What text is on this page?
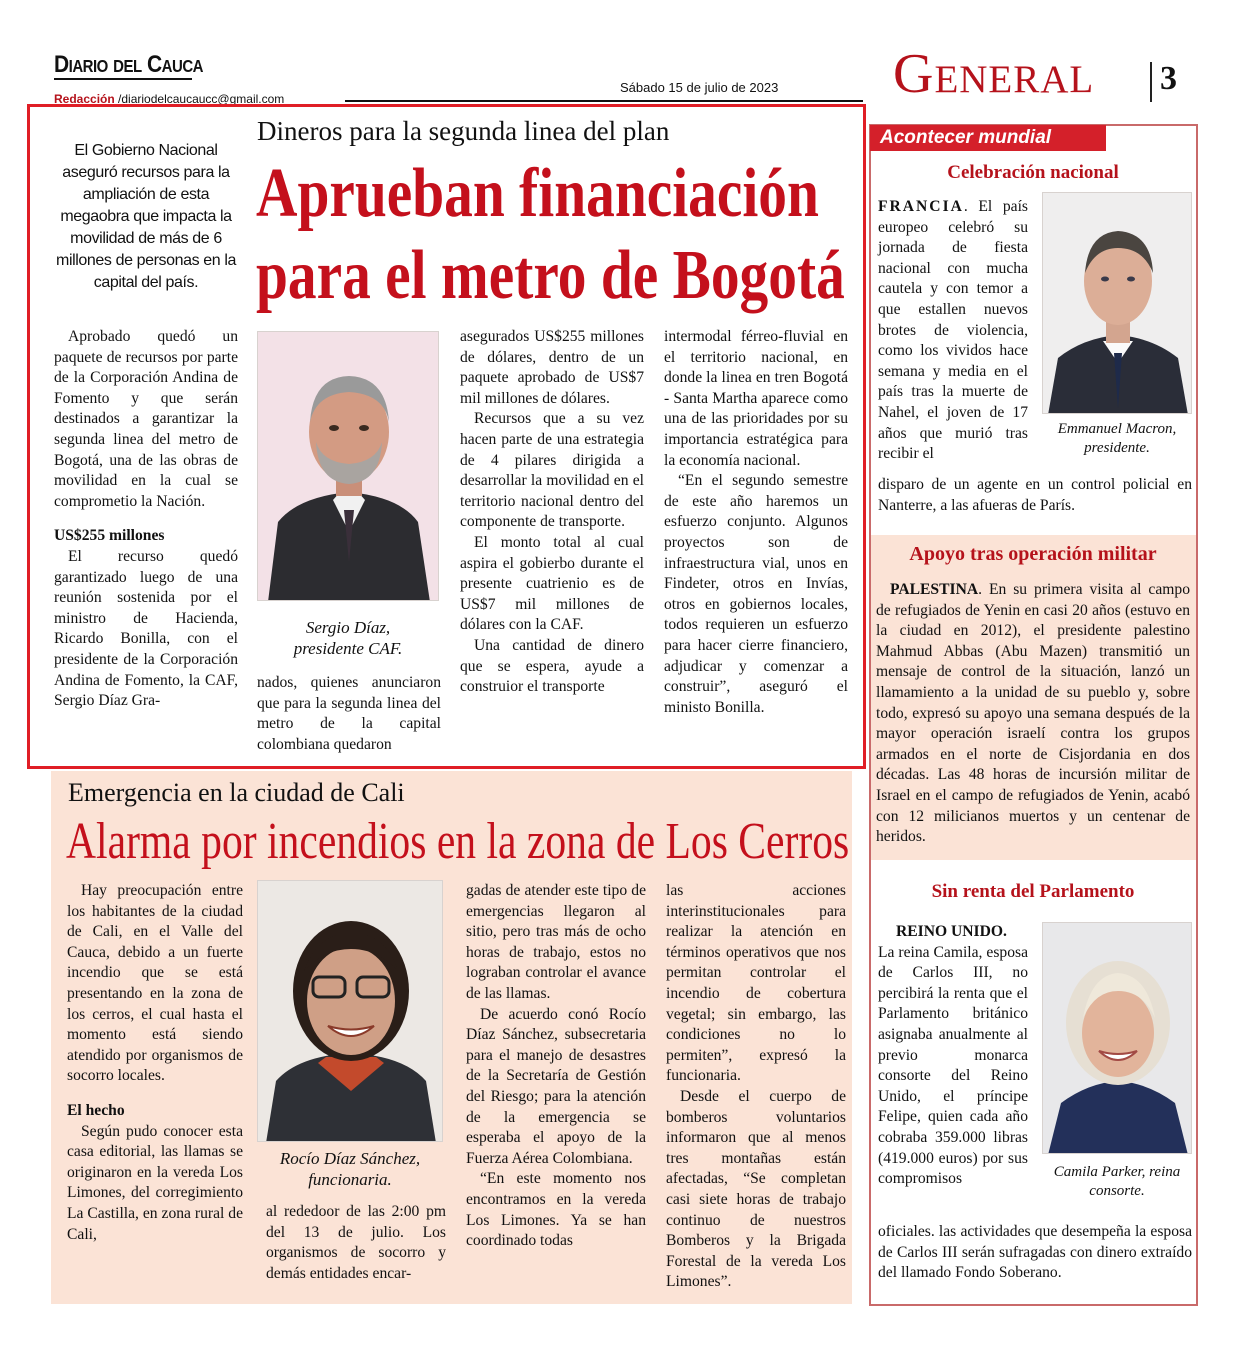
Diario del Cauca
Redacción /diariodelcaucaucc@gmail.com
Sábado 15 de julio de 2023 General 3
Dineros para la segunda linea del plan
Aprueban financiación
para el metro de Bogotá
El Gobierno Nacional aseguró recursos para la ampliación de esta megaobra que impacta la movilidad de más de 6 millones de personas en la capital del país.

Aprobado quedó un paquete de recursos por parte de la Corporación Andina de Fomento y que serán destinados a garantizar la segunda linea del metro de Bogotá, una de las obras de movilidad en la cual se comprometio la Nación.

US$255 millones

El recurso quedó garantizado luego de una reunión sostenida por el ministro de Hacienda, Ricardo Bonilla, con el presidente de la Corporación Andina de Fomento, la CAF, Sergio Díaz Gra-

Sergio Díaz,
presidente CAF.

nados, quienes anunciaron que para la segunda linea del metro de la capital colombiana quedaron

asegurados US$255 millones de dólares, dentro de un paquete aprobado de US$7 mil millones de dólares.

Recursos que a su vez hacen parte de una estrategia de 4 pilares dirigida a desarrollar la movilidad en el territorio nacional dentro del componente de transporte.

El monto total al cual aspira el gobierbo durante el presente cuatrienio es de US$7 mil millones de dólares con la CAF.

Una cantidad de dinero que se espera, ayude a construior el transporte

intermodal férreo-fluvial en el territorio nacional, en donde la linea en tren Bogotá - Santa Martha aparece como una de las prioridades por su importancia estratégica para la economía nacional.

“En el segundo semestre de este año haremos un esfuerzo conjunto. Algunos proyectos son de infraestructura vial, unos en Findeter, otros en Invías, otros en gobiernos locales, todos requieren un esfuerzo para hacer cierre financiero, adjudicar y comenzar a construir”, aseguró el ministo Bonilla.

Emergencia en la ciudad de Cali
Alarma por incendios en la zona de Los Cerros

Hay preocupación entre los habitantes de la ciudad de Cali, en el Valle del Cauca, debido a un fuerte incendio que se está presentando en la zona de los cerros, el cual hasta el momento está siendo atendido por organismos de socorro locales.

El hecho

Según pudo conocer esta casa editorial, las llamas se originaron en la vereda Los Limones, del corregimiento La Castilla, en zona rural de Cali,

Rocío Díaz Sánchez,
funcionaria.

al rededoor de las 2:00 pm del 13 de julio. Los organismos de socorro y demás entidades encar-

gadas de atender este tipo de emergencias llegaron al sitio, pero tras más de ocho horas de trabajo, estos no lograban controlar el avance de las llamas.

De acuerdo conó Rocío Díaz Sánchez, subsecretaria para el manejo de desastres de la Secretaría de Gestión del Riesgo; para la atención de la emergencia se esperaba el apoyo de la Fuerza Aérea Colombiana.

“En este momento nos encontramos en la vereda Los Limones. Ya se han coordinado todas

las acciones interinstitucionales para realizar la atención en términos operativos que nos permitan controlar el incendio de cobertura vegetal; sin embargo, las condiciones no lo permiten”, expresó la funcionaria.

Desde el cuerpo de bomberos voluntarios informaron que al menos tres montañas están afectadas, “Se completan casi siete horas de trabajo continuo de nuestros Bomberos y la Brigada Forestal de la vereda Los Limones”.

Acontecer mundial
Celebración nacional
Emmanuel Macron,
presidente.

FRANCIA. El país europeo celebró su jornada de fiesta nacional con mucha cautela y con temor a que estallen nuevos brotes de violencia, como los vividos hace semana y media en el país tras la muerte de Nahel, el joven de 17 años que murió tras recibir el

disparo de un agente en un control policial en Nanterre, a las afueras de París.

Apoyo tras operación militar

PALESTINA. En su primera visita al campo de refugiados de Yenin en casi 20 años (estuvo en la ciudad en 2012), el presidente palestino Mahmud Abbas (Abu Mazen) transmitió un mensaje de control de la situación, lanzó un llamamiento a la unidad de su pueblo y, sobre todo, expresó su apoyo una semana después de la mayor operación israelí contra los grupos armados en el norte de Cisjordania en dos décadas. Las 48 horas de incursión militar de Israel en el campo de refugiados de Yenin, acabó con 12 milicianos muertos y un centenar de heridos.

Sin renta del Parlamento
Camila Parker, reina
consorte.

REINO UNIDO.

La reina Camila, esposa de Carlos III, no percibirá la renta que el Parlamento británico asignaba anualmente al previo monarca consorte del Reino Unido, el príncipe Felipe, quien cada año cobraba 359.000 libras (419.000 euros) por sus compromisos

oficiales. las actividades que desempeña la esposa de Carlos III serán sufragadas con dinero extraído del llamado Fondo Soberano.
